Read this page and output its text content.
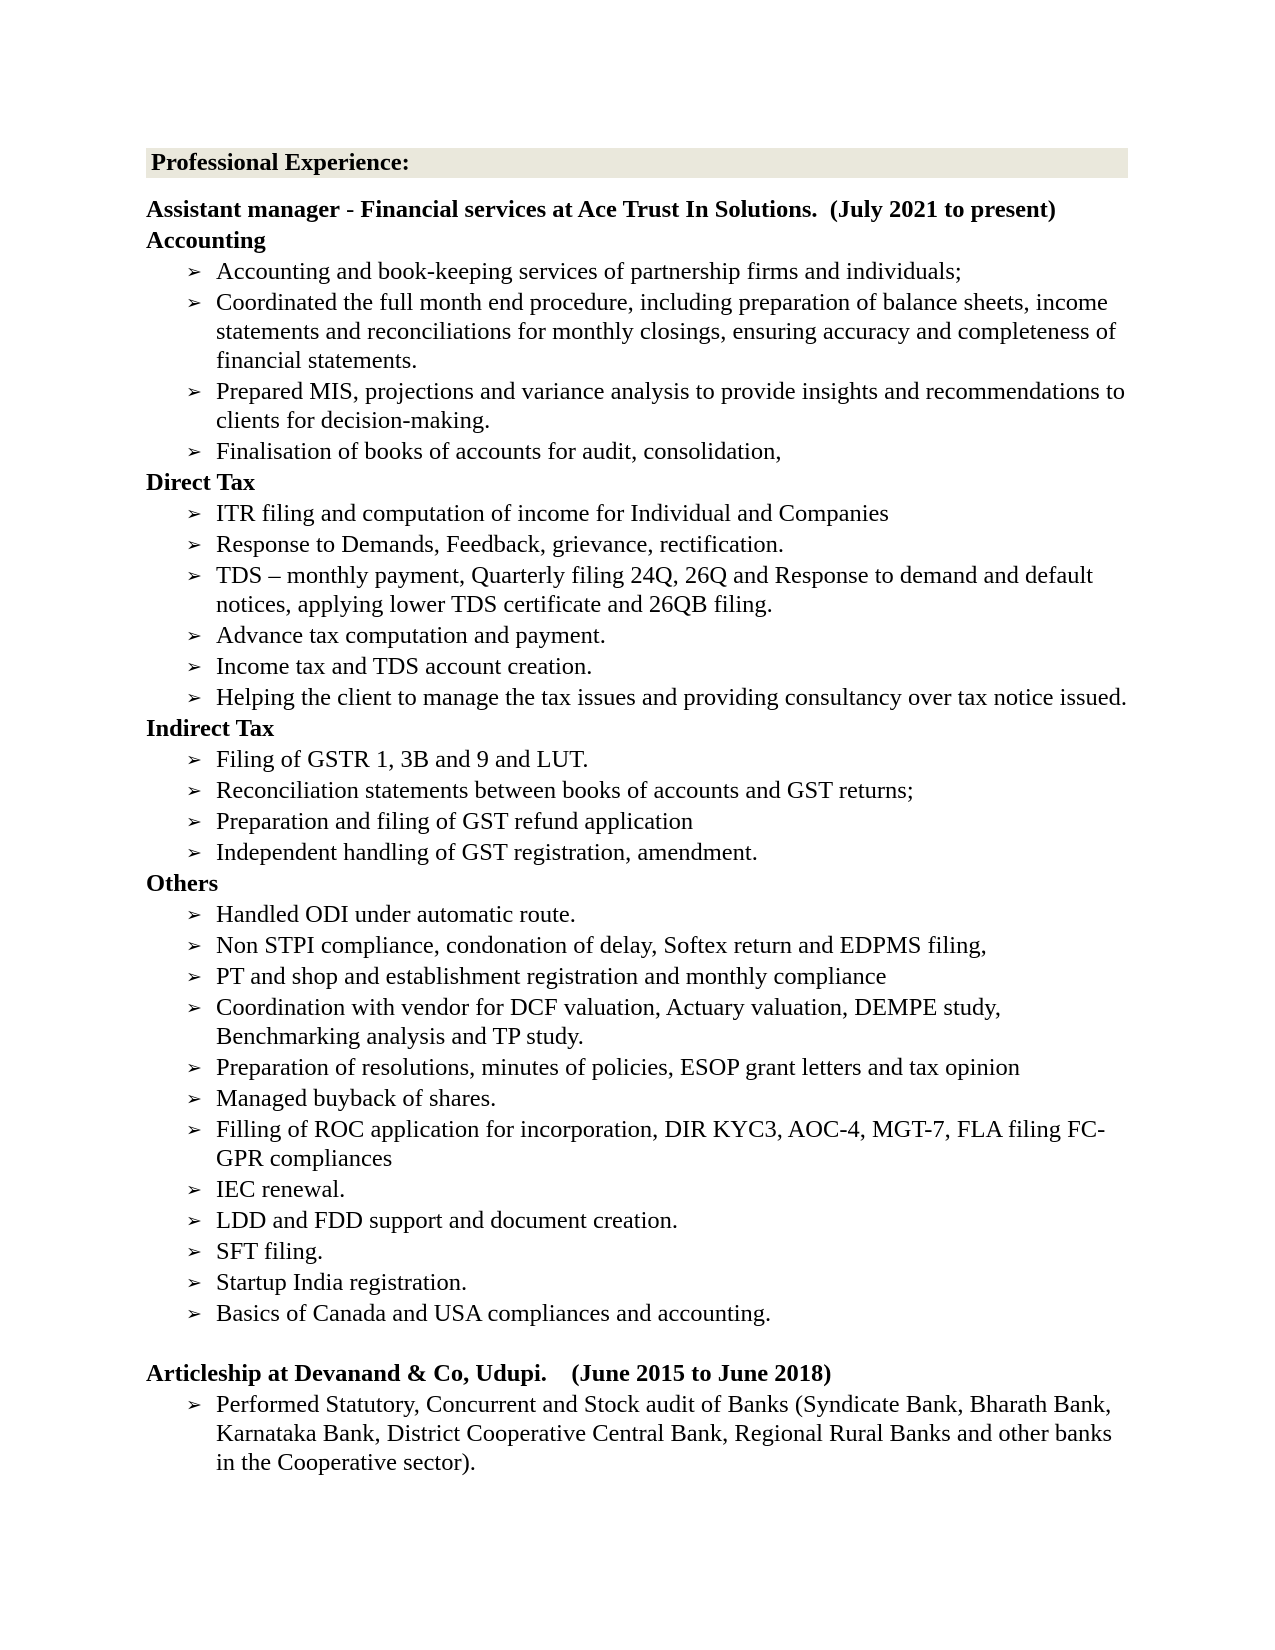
Professional Experience:
Assistant manager - Financial services at Ace Trust In Solutions.  (July 2021 to present)
Accounting
➢ Accounting and book-keeping services of partnership firms and individuals;
➢ Coordinated the full month end procedure, including preparation of balance sheets, income statements and reconciliations for monthly closings, ensuring accuracy and completeness of financial statements.
➢ Prepared MIS, projections and variance analysis to provide insights and recommendations to clients for decision-making.
➢ Finalisation of books of accounts for audit, consolidation,
Direct Tax
➢ ITR filing and computation of income for Individual and Companies
➢ Response to Demands, Feedback, grievance, rectification.
➢ TDS – monthly payment, Quarterly filing 24Q, 26Q and Response to demand and default notices, applying lower TDS certificate and 26QB filing.
➢ Advance tax computation and payment.
➢ Income tax and TDS account creation.
➢ Helping the client to manage the tax issues and providing consultancy over tax notice issued.
Indirect Tax
➢ Filing of GSTR 1, 3B and 9 and LUT.
➢ Reconciliation statements between books of accounts and GST returns;
➢ Preparation and filing of GST refund application
➢ Independent handling of GST registration, amendment.
Others
➢ Handled ODI under automatic route.
➢ Non STPI compliance, condonation of delay, Softex return and EDPMS filing,
➢ PT and shop and establishment registration and monthly compliance
➢ Coordination with vendor for DCF valuation, Actuary valuation, DEMPE study, Benchmarking analysis and TP study.
➢ Preparation of resolutions, minutes of policies, ESOP grant letters and tax opinion
➢ Managed buyback of shares.
➢ Filling of ROC application for incorporation, DIR KYC3, AOC-4, MGT-7, FLA filing FC-GPR compliances
➢ IEC renewal.
➢ LDD and FDD support and document creation.
➢ SFT filing.
➢ Startup India registration.
➢ Basics of Canada and USA compliances and accounting.
Articleship at Devanand & Co, Udupi.    (June 2015 to June 2018)
➢ Performed Statutory, Concurrent and Stock audit of Banks (Syndicate Bank, Bharath Bank, Karnataka Bank, District Cooperative Central Bank, Regional Rural Banks and other banks in the Cooperative sector).
